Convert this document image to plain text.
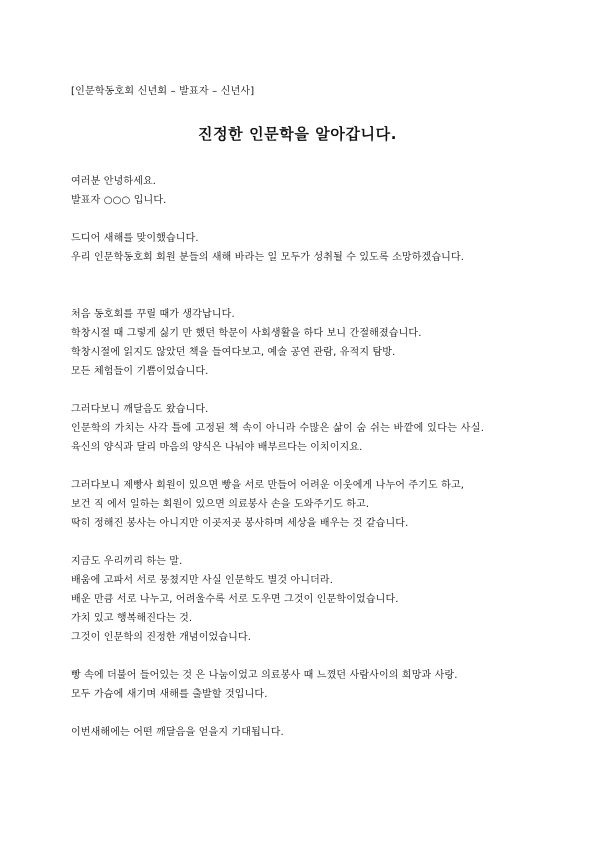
[인문학동호회 신년회 – 발표자 – 신년사]
진정한 인문학을 알아갑니다.
여러분 안녕하세요.
발표자 ○○○ 입니다.
드디어 새해를 맞이했습니다.
우리 인문학동호회 회원 분들의 새해 바라는 일 모두가 성취될 수 있도록 소망하겠습니다.
처음 동호회를 꾸릴 때가 생각납니다.
학창시절 때 그렇게 싫기 만 했던 학문이 사회생활을 하다 보니 간절해졌습니다.
학창시절에 읽지도 않았던 책을 들여다보고, 예술 공연 관람, 유적지 탐방.
모든 체험들이 기쁨이었습니다.
그러다보니 깨달음도 왔습니다.
인문학의 가치는 사각 틀에 고정된 책 속이 아니라 수많은 삶이 숨 쉬는 바깥에 있다는 사실.
육신의 양식과 달리 마음의 양식은 나눠야 배부르다는 이치이지요.
그러다보니 제빵사 회원이 있으면 빵을 서로 만들어 어려운 이웃에게 나누어 주기도 하고,
보건 직 에서 일하는 회원이 있으면 의료봉사 손을 도와주기도 하고.
딱히 정해진 봉사는 아니지만 이곳저곳 봉사하며 세상을 배우는 것 같습니다.
지금도 우리끼리 하는 말.
배움에 고파서 서로 뭉쳤지만 사실 인문학도 별것 아니더라.
배운 만큼 서로 나누고, 어려울수록 서로 도우면 그것이 인문학이었습니다.
가치 있고 행복해진다는 것.
그것이 인문학의 진정한 개념이었습니다.
빵 속에 더불어 들어있는 것 은 나눔이었고 의료봉사 때 느꼈던 사람사이의 희망과 사랑.
모두 가슴에 새기며 새해를 출발할 것입니다.
이번새해에는 어떤 깨달음을 얻을지 기대됩니다.
